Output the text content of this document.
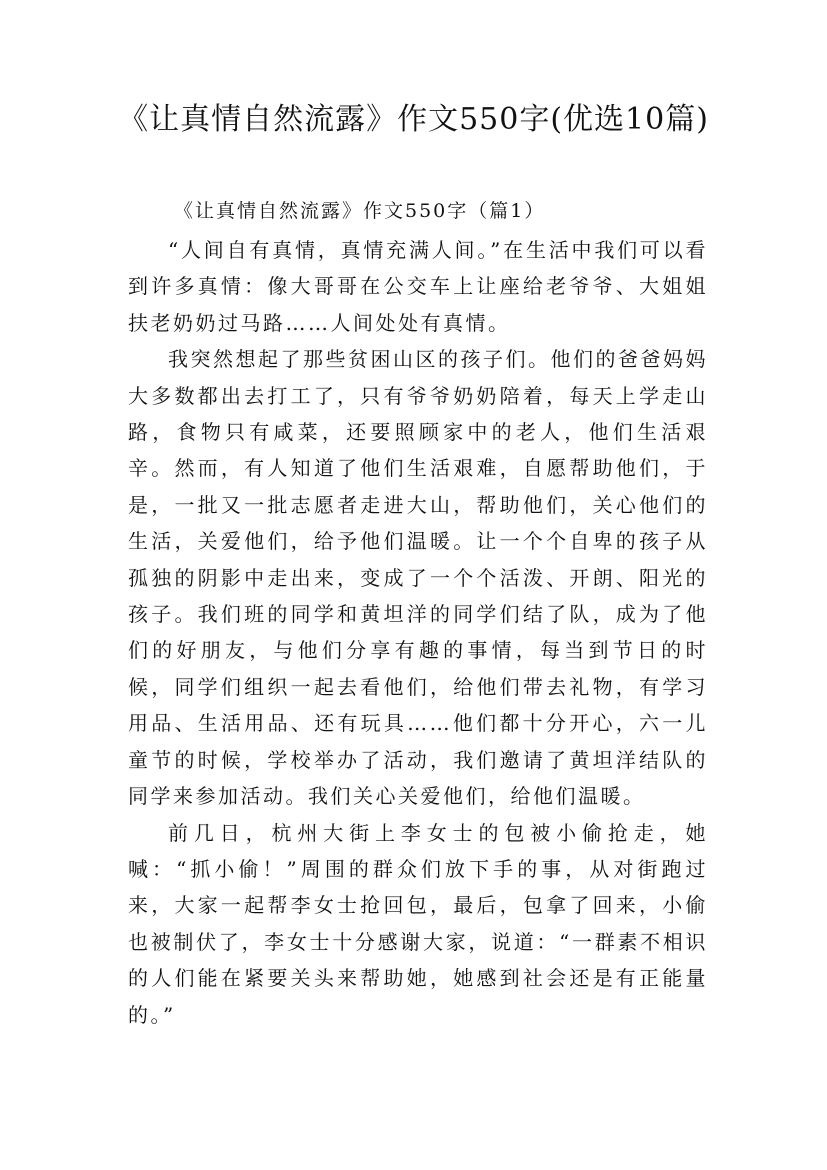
《让真情自然流露》作文550字(优选10篇)

《让真情自然流露》作文550字（篇1）

“人间自有真情，真情充满人间。”在生活中我们可以看到许多真情：像大哥哥在公交车上让座给老爷爷、大姐姐扶老奶奶过马路……人间处处有真情。

我突然想起了那些贫困山区的孩子们。他们的爸爸妈妈大多数都出去打工了，只有爷爷奶奶陪着，每天上学走山路，食物只有咸菜，还要照顾家中的老人，他们生活艰辛。然而，有人知道了他们生活艰难，自愿帮助他们，于是，一批又一批志愿者走进大山，帮助他们，关心他们的生活，关爱他们，给予他们温暖。让一个个自卑的孩子从孤独的阴影中走出来，变成了一个个活泼、开朗、阳光的孩子。我们班的同学和黄坦洋的同学们结了队，成为了他们的好朋友，与他们分享有趣的事情，每当到节日的时候，同学们组织一起去看他们，给他们带去礼物，有学习用品、生活用品、还有玩具……他们都十分开心，六一儿童节的时候，学校举办了活动，我们邀请了黄坦洋结队的同学来参加活动。我们关心关爱他们，给他们温暖。

前几日，杭州大街上李女士的包被小偷抢走，她喊：“抓小偷！”周围的群众们放下手的事，从对街跑过来，大家一起帮李女士抢回包，最后，包拿了回来，小偷也被制伏了，李女士十分感谢大家，说道：“一群素不相识的人们能在紧要关头来帮助她，她感到社会还是有正能量的。”
